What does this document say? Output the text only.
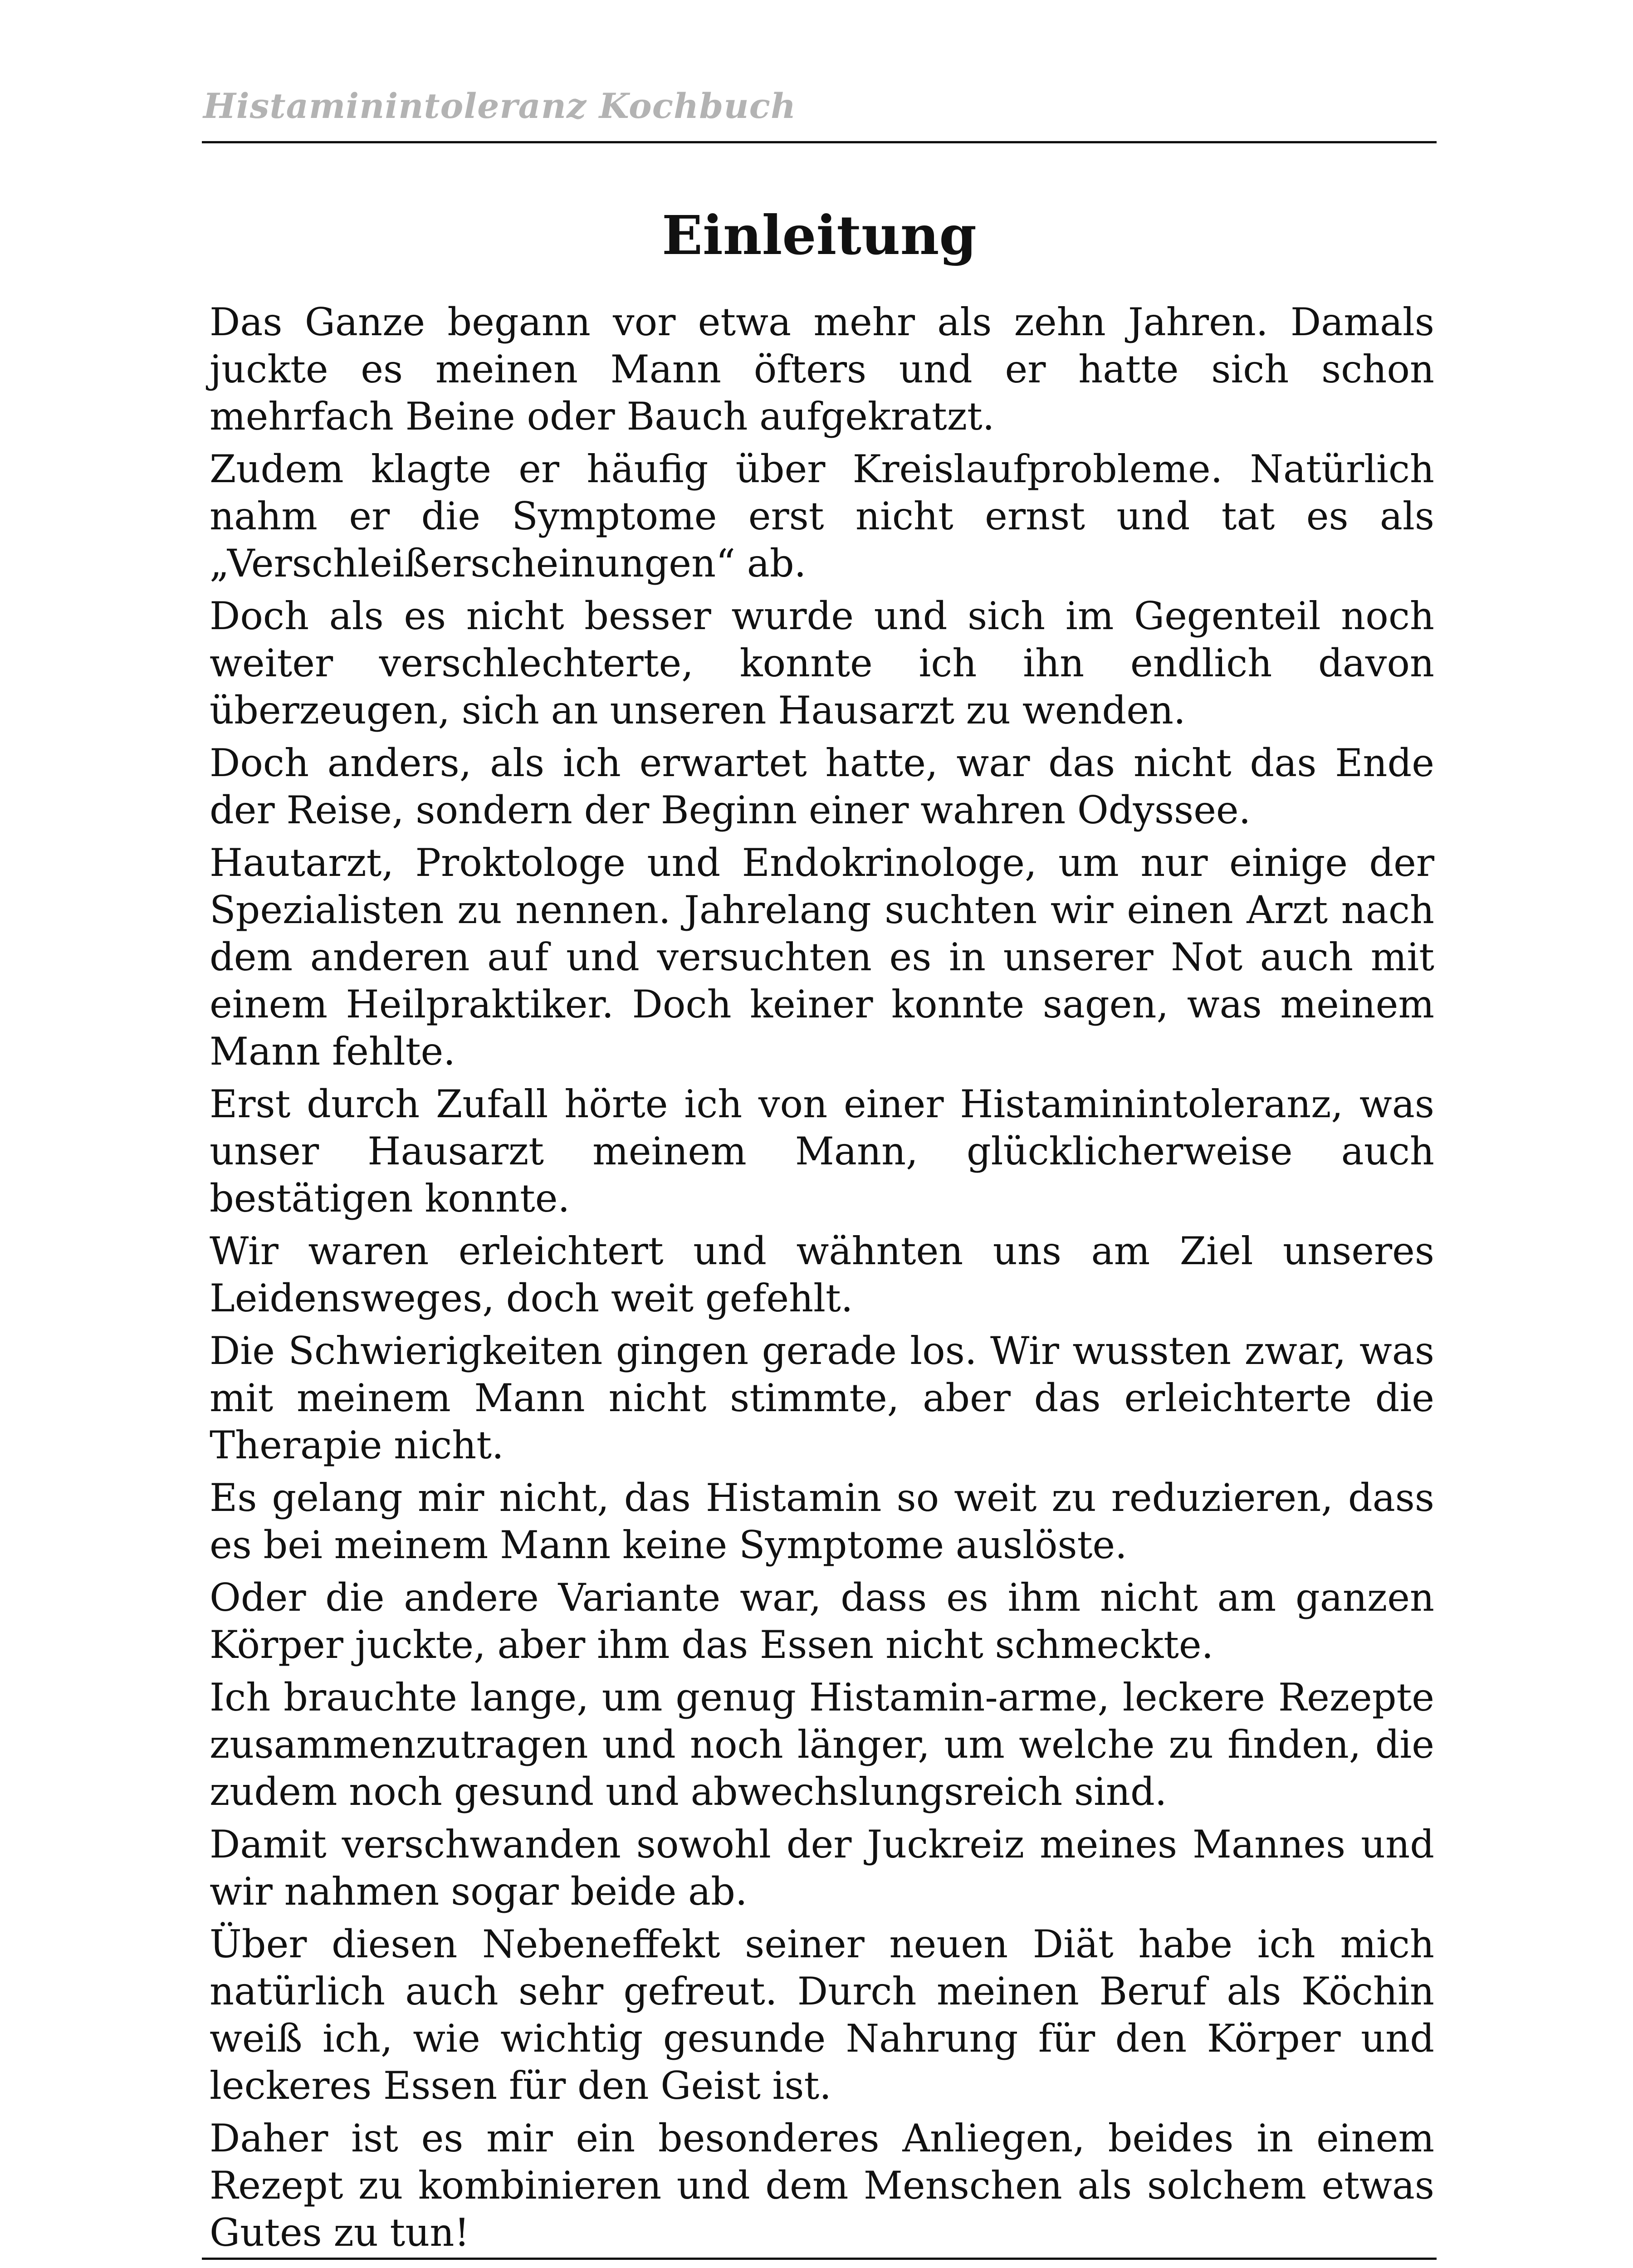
Histaminintoleranz Kochbuch
Einleitung

Das Ganze begann vor etwa mehr als zehn Jahren. Damals juckte es meinen Mann öfters und er hatte sich schon mehrfach Beine oder Bauch aufgekratzt.

Zudem klagte er häufig über Kreislaufprobleme. Natürlich nahm er die Symptome erst nicht ernst und tat es als „Verschleißerscheinungen“ ab.

Doch als es nicht besser wurde und sich im Gegenteil noch weiter verschlechterte, konnte ich ihn endlich davon überzeugen, sich an unseren Hausarzt zu wenden.

Doch anders, als ich erwartet hatte, war das nicht das Ende der Reise, sondern der Beginn einer wahren Odyssee.

Hautarzt, Proktologe und Endokrinologe, um nur einige der Spezialisten zu nennen. Jahrelang suchten wir einen Arzt nach dem anderen auf und versuchten es in unserer Not auch mit einem Heilpraktiker. Doch keiner konnte sagen, was meinem Mann fehlte.

Erst durch Zufall hörte ich von einer Histaminintoleranz, was unser Hausarzt meinem Mann, glücklicherweise auch bestätigen konnte.

Wir waren erleichtert und wähnten uns am Ziel unseres Leidensweges, doch weit gefehlt.

Die Schwierigkeiten gingen gerade los. Wir wussten zwar, was mit meinem Mann nicht stimmte, aber das erleichterte die Therapie nicht.

Es gelang mir nicht, das Histamin so weit zu reduzieren, dass es bei meinem Mann keine Symptome auslöste.

Oder die andere Variante war, dass es ihm nicht am ganzen Körper juckte, aber ihm das Essen nicht schmeckte.

Ich brauchte lange, um genug Histamin-arme, leckere Rezepte zusammenzutragen und noch länger, um welche zu finden, die zudem noch gesund und abwechslungsreich sind.

Damit verschwanden sowohl der Juckreiz meines Mannes und wir nahmen sogar beide ab.

Über diesen Nebeneffekt seiner neuen Diät habe ich mich natürlich auch sehr gefreut. Durch meinen Beruf als Köchin weiß ich, wie wichtig gesunde Nahrung für den Körper und leckeres Essen für den Geist ist.

Daher ist es mir ein besonderes Anliegen, beides in einem Rezept zu kombinieren und dem Menschen als solchem etwas Gutes zu tun!
